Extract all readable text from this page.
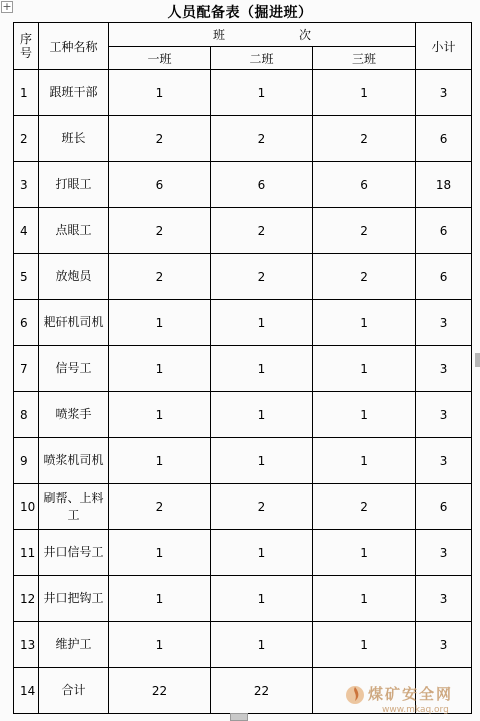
+	人员配备表（掘进班）
序
号	工种名称	班 次			小计
		一班	二班	三班	
1	跟班干部	1	1	1	3
2	班长	2	2	2	6
3	打眼工	6	6	6	18
4	点眼工	2	2	2	6
5	放炮员	2	2	2	6
6	耙矸机司机	1	1	1	3
7	信号工	1	1	1	3
8	喷浆手	1	1	1	3
9	喷浆机司机	1	1	1	3
10	刷帮、上料工	2	2	2	6
11	井口信号工	1	1	1	3
12	井口把钩工	1	1	1	3
13	维护工	1	1	1	3
14	合计	22	22			煤矿安全网
www.mkaq.org
